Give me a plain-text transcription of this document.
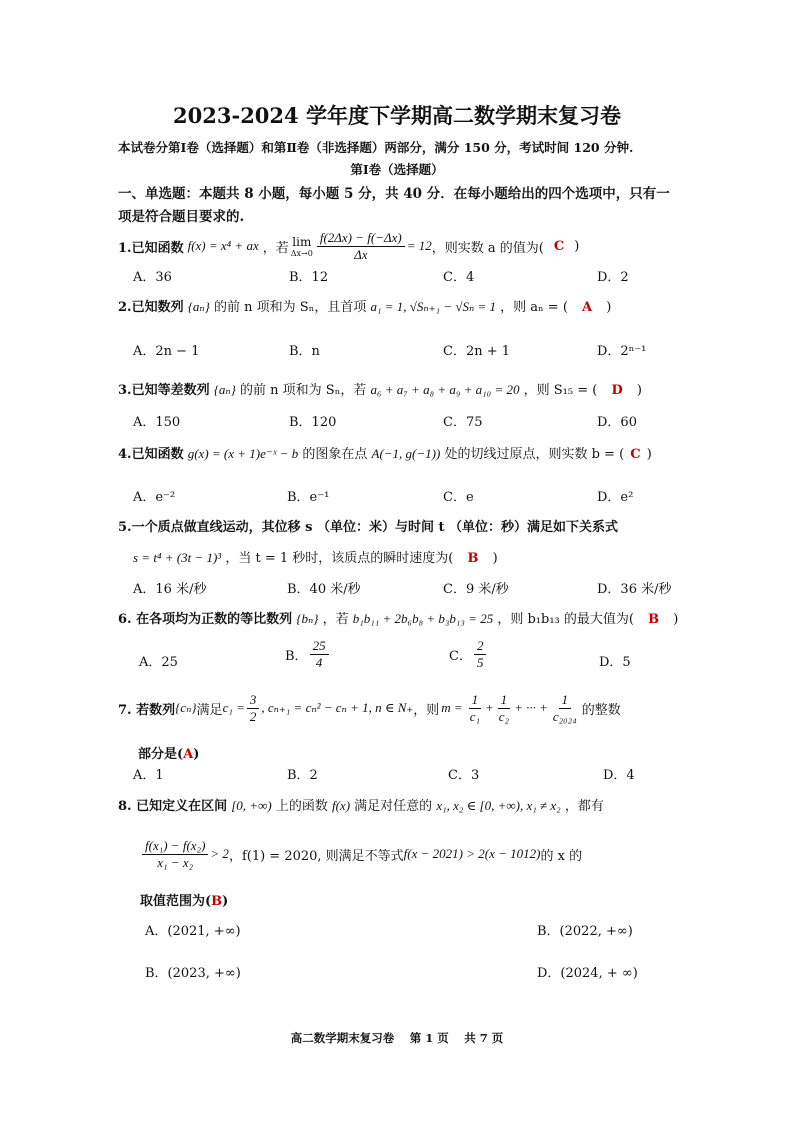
2023-2024 学年度下学期高二数学期末复习卷
本试卷分第Ⅰ卷（选择题）和第Ⅱ卷（非选择题）两部分，满分 150 分，考试时间 120 分钟.
第Ⅰ卷（选择题）
一、单选题：本题共 8 小题，每小题 5 分，共 40 分．在每小题给出的四个选项中，只有一
项是符合题目要求的.
1.已知函数 f(x) = x⁴ + ax ，若 lim
$\Delta x\to 0 \frac{f(2\Delta x) - f(-\Delta x)}{\Delta x} = 12$ ，则实数 a 的值为( C )
A．36	B．12	C．4	D．2
2.已知数列 {aₙ} 的前 n 项和为 Sₙ，且首项 a₁ = 1, √Sₙ₊₁ − √Sₙ = 1 ，则 aₙ = ( A )
A．2n − 1	B．n	C．2n + 1	D．2ⁿ⁻¹
3.已知等差数列 {aₙ} 的前 n 项和为 Sₙ，若 a₆ + a₇ + a₈ + a₉ + a₁₀ = 20 ，则 S₁₅ = ( D )
A．150	B．120	C．75	D．60
4.已知函数 g(x) = (x + 1)e⁻ˣ − b 的图象在点 A(−1, g(−1)) 处的切线过原点，则实数 b = ( C )
A．e⁻²	B．e⁻¹	C．e	D．e²
5.一个质点做直线运动，其位移 s （单位：米）与时间 t （单位：秒）满足如下关系式
s = t⁴ + (3t − 1)³ ，当 t = 1 秒时，该质点的瞬时速度为( B )
A．16 米/秒	B．40 米/秒	C．9 米/秒	D．36 米/秒
6. 在各项均为正数的等比数列 {bₙ} ，若 b₁b₁₁ + 2b₆b₈ + b₃b₁₃ = 25 ，则 b₁b₁₃ 的最大值为( B )
A．25	B． $\frac{25}{4}$	C． $\frac{2}{5}$	D．5
7. 若数列 {cₙ} 满足 $c_1 = \frac{3}{2}$ , cₙ₊₁ = cₙ² − cₙ + 1, n ∈ N₊ ，则 $m = \frac{1}{\text{c₁}} + \frac{1}{\text{c₂}}$ + ··· + $\frac{1}{\text{c₂₀₂₄}}$ 的整数
部分是(A)
A．1	B．2	C．3	D．4
8. 已知定义在区间 [0, +∞) 上的函数 f(x) 满足对任意的 x₁, x₂ ∈ [0, +∞), x₁ ≠ x₂ ，都有
$\frac{\text{f(x₁) − f(x₂)}}{\text{x₁ − x₂}} > 2$ ，f(1) = 2020, 则满足不等式 f(x − 2021) > 2(x − 1012) 的 x 的
取值范围为(B)
A．(2021, +∞)	B．(2022, +∞)
B．(2023, +∞)	D．(2024, + ∞)
高二数学期末复习卷　 第 1 页　 共 7 页
